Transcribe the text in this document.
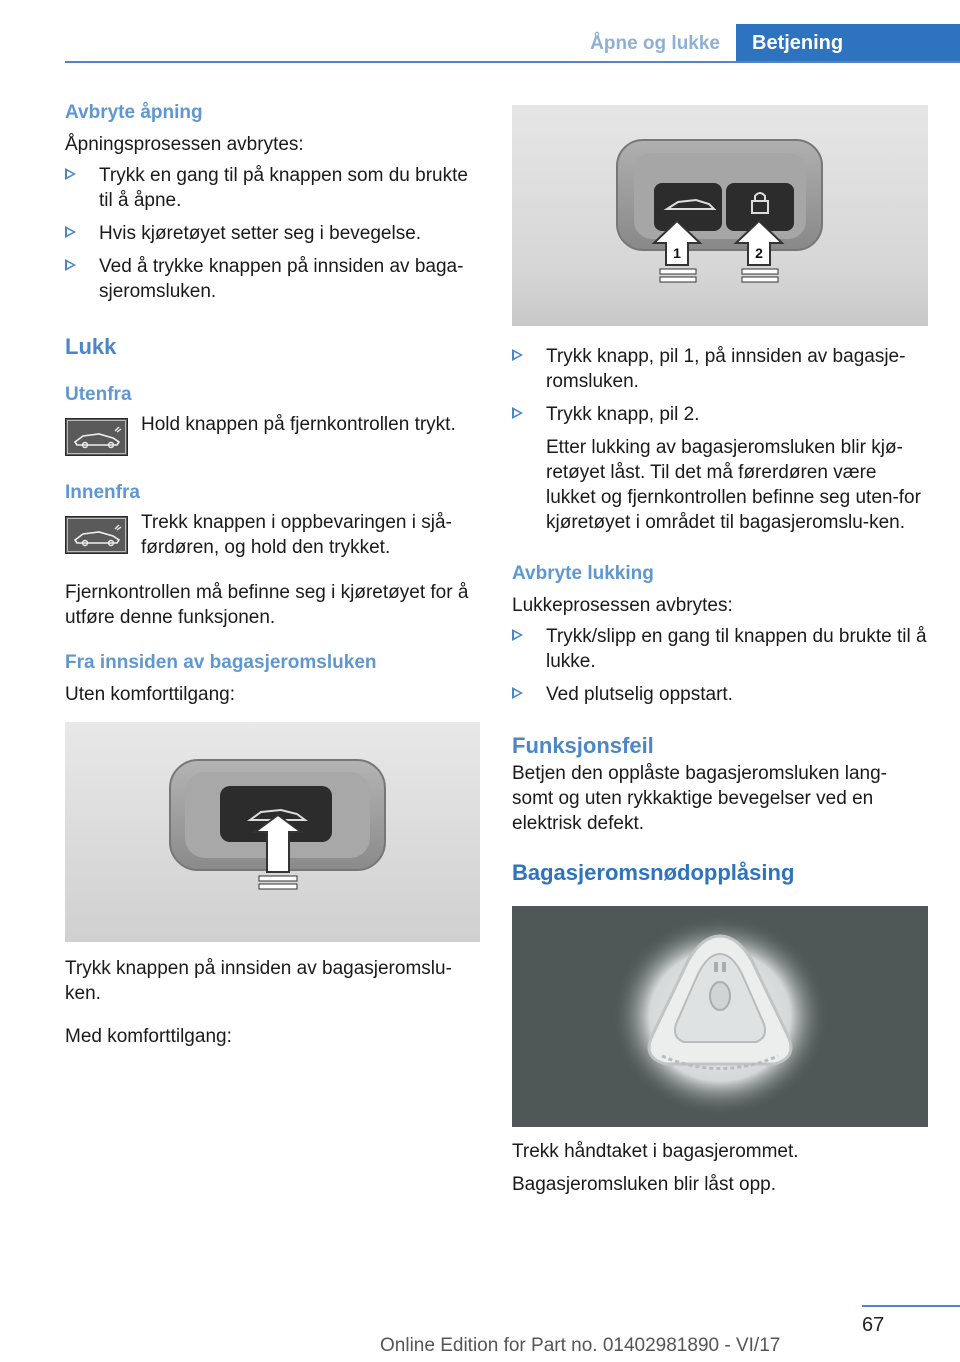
Åpne og lukke	Betjening
Avbryte åpning

Åpningsprosessen avbrytes:

Trykk en gang til på knappen som du brukte til å åpne.
Hvis kjøretøyet setter seg i bevegelse.
Ved å trykke knappen på innsiden av baga-sjeromsluken.
Lukk
Utenfra

Hold knappen på fjernkontrollen trykt.

Innenfra

Trekk knappen i oppbevaringen i sjå-førdøren, og hold den trykket.

Fjernkontrollen må befinne seg i kjøretøyet for å utføre denne funksjonen.

Fra innsiden av bagasjeromsluken

Uten komforttilgang:

Trykk knappen på innsiden av bagasjeromslu-ken.

Med komforttilgang:

1	2
Trykk knapp, pil 1, på innsiden av bagasje-romsluken.
Trykk knapp, pil 2.

Etter lukking av bagasjeromsluken blir kjø-retøyet låst. Til det må førerdøren være lukket og fjernkontrollen befinne seg uten-for kjøretøyet i området til bagasjeromslu-ken.

Avbryte lukking

Lukkeprosessen avbrytes:

Trykk/slipp en gang til knappen du brukte til å lukke.
Ved plutselig oppstart.
Funksjonsfeil

Betjen den opplåste bagasjeromsluken lang-somt og uten rykkaktige bevegelser ved en elektrisk defekt.

Bagasjeromsnødopplåsing

Trekk håndtaket i bagasjerommet.

Bagasjeromsluken blir låst opp.

67
Online Edition for Part no. 01402981890 - VI/17
